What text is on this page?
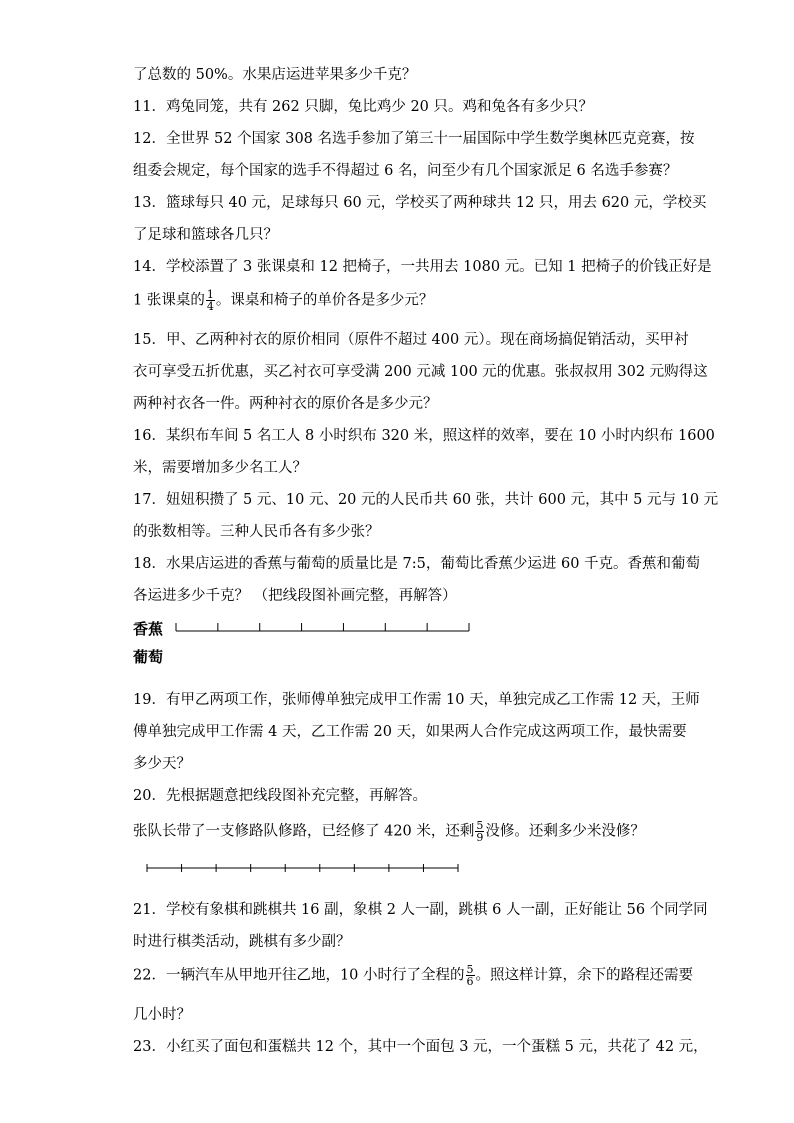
了总数的 50%。水果店运进苹果多少千克？
11．鸡兔同笼，共有 262 只脚，兔比鸡少 20 只。鸡和兔各有多少只？
12．全世界 52 个国家 308 名选手参加了第三十一届国际中学生数学奥林匹克竞赛，按
组委会规定，每个国家的选手不得超过 6 名，问至少有几个国家派足 6 名选手参赛？
13．篮球每只 40 元，足球每只 60 元，学校买了两种球共 12 只，用去 620 元，学校买
了足球和篮球各几只？
14．学校添置了 3 张课桌和 12 把椅子，一共用去 1080 元。已知 1 把椅子的价钱正好是
1 张课桌的 $\frac{1}{4}$ 。课桌和椅子的单价各是多少元？
15．甲、乙两种衬衣的原价相同（原件不超过 400 元）。现在商场搞促销活动，买甲衬
衣可享受五折优惠，买乙衬衣可享受满 200 元减 100 元的优惠。张叔叔用 302 元购得这
两种衬衣各一件。两种衬衣的原价各是多少元？
16．某织布车间 5 名工人 8 小时织布 320 米，照这样的效率，要在 10 小时内织布 1600
米，需要增加多少名工人？
17．妞妞积攒了 5 元、10 元、20 元的人民币共 60 张，共计 600 元，其中 5 元与 10 元
的张数相等。三种人民币各有多少张？
18．水果店运进的香蕉与葡萄的质量比是 7:5，葡萄比香蕉少运进 60 千克。香蕉和葡萄
各运进多少千克？ （把线段图补画完整，再解答）
香蕉
葡萄
19．有甲乙两项工作，张师傅单独完成甲工作需 10 天，单独完成乙工作需 12 天，王师
傅单独完成甲工作需 4 天，乙工作需 20 天，如果两人合作完成这两项工作，最快需要
多少天？
20．先根据题意把线段图补充完整，再解答。
张队长带了一支修路队修路，已经修了 420 米，还剩 $\frac{5}{9}$ 没修。还剩多少米没修？
21．学校有象棋和跳棋共 16 副，象棋 2 人一副，跳棋 6 人一副，正好能让 56 个同学同
时进行棋类活动，跳棋有多少副？
22．一辆汽车从甲地开往乙地，10 小时行了全程的 $\frac{5}{6}$ 。照这样计算，余下的路程还需要
几小时？
23．小红买了面包和蛋糕共 12 个，其中一个面包 3 元，一个蛋糕 5 元，共花了 42 元，
